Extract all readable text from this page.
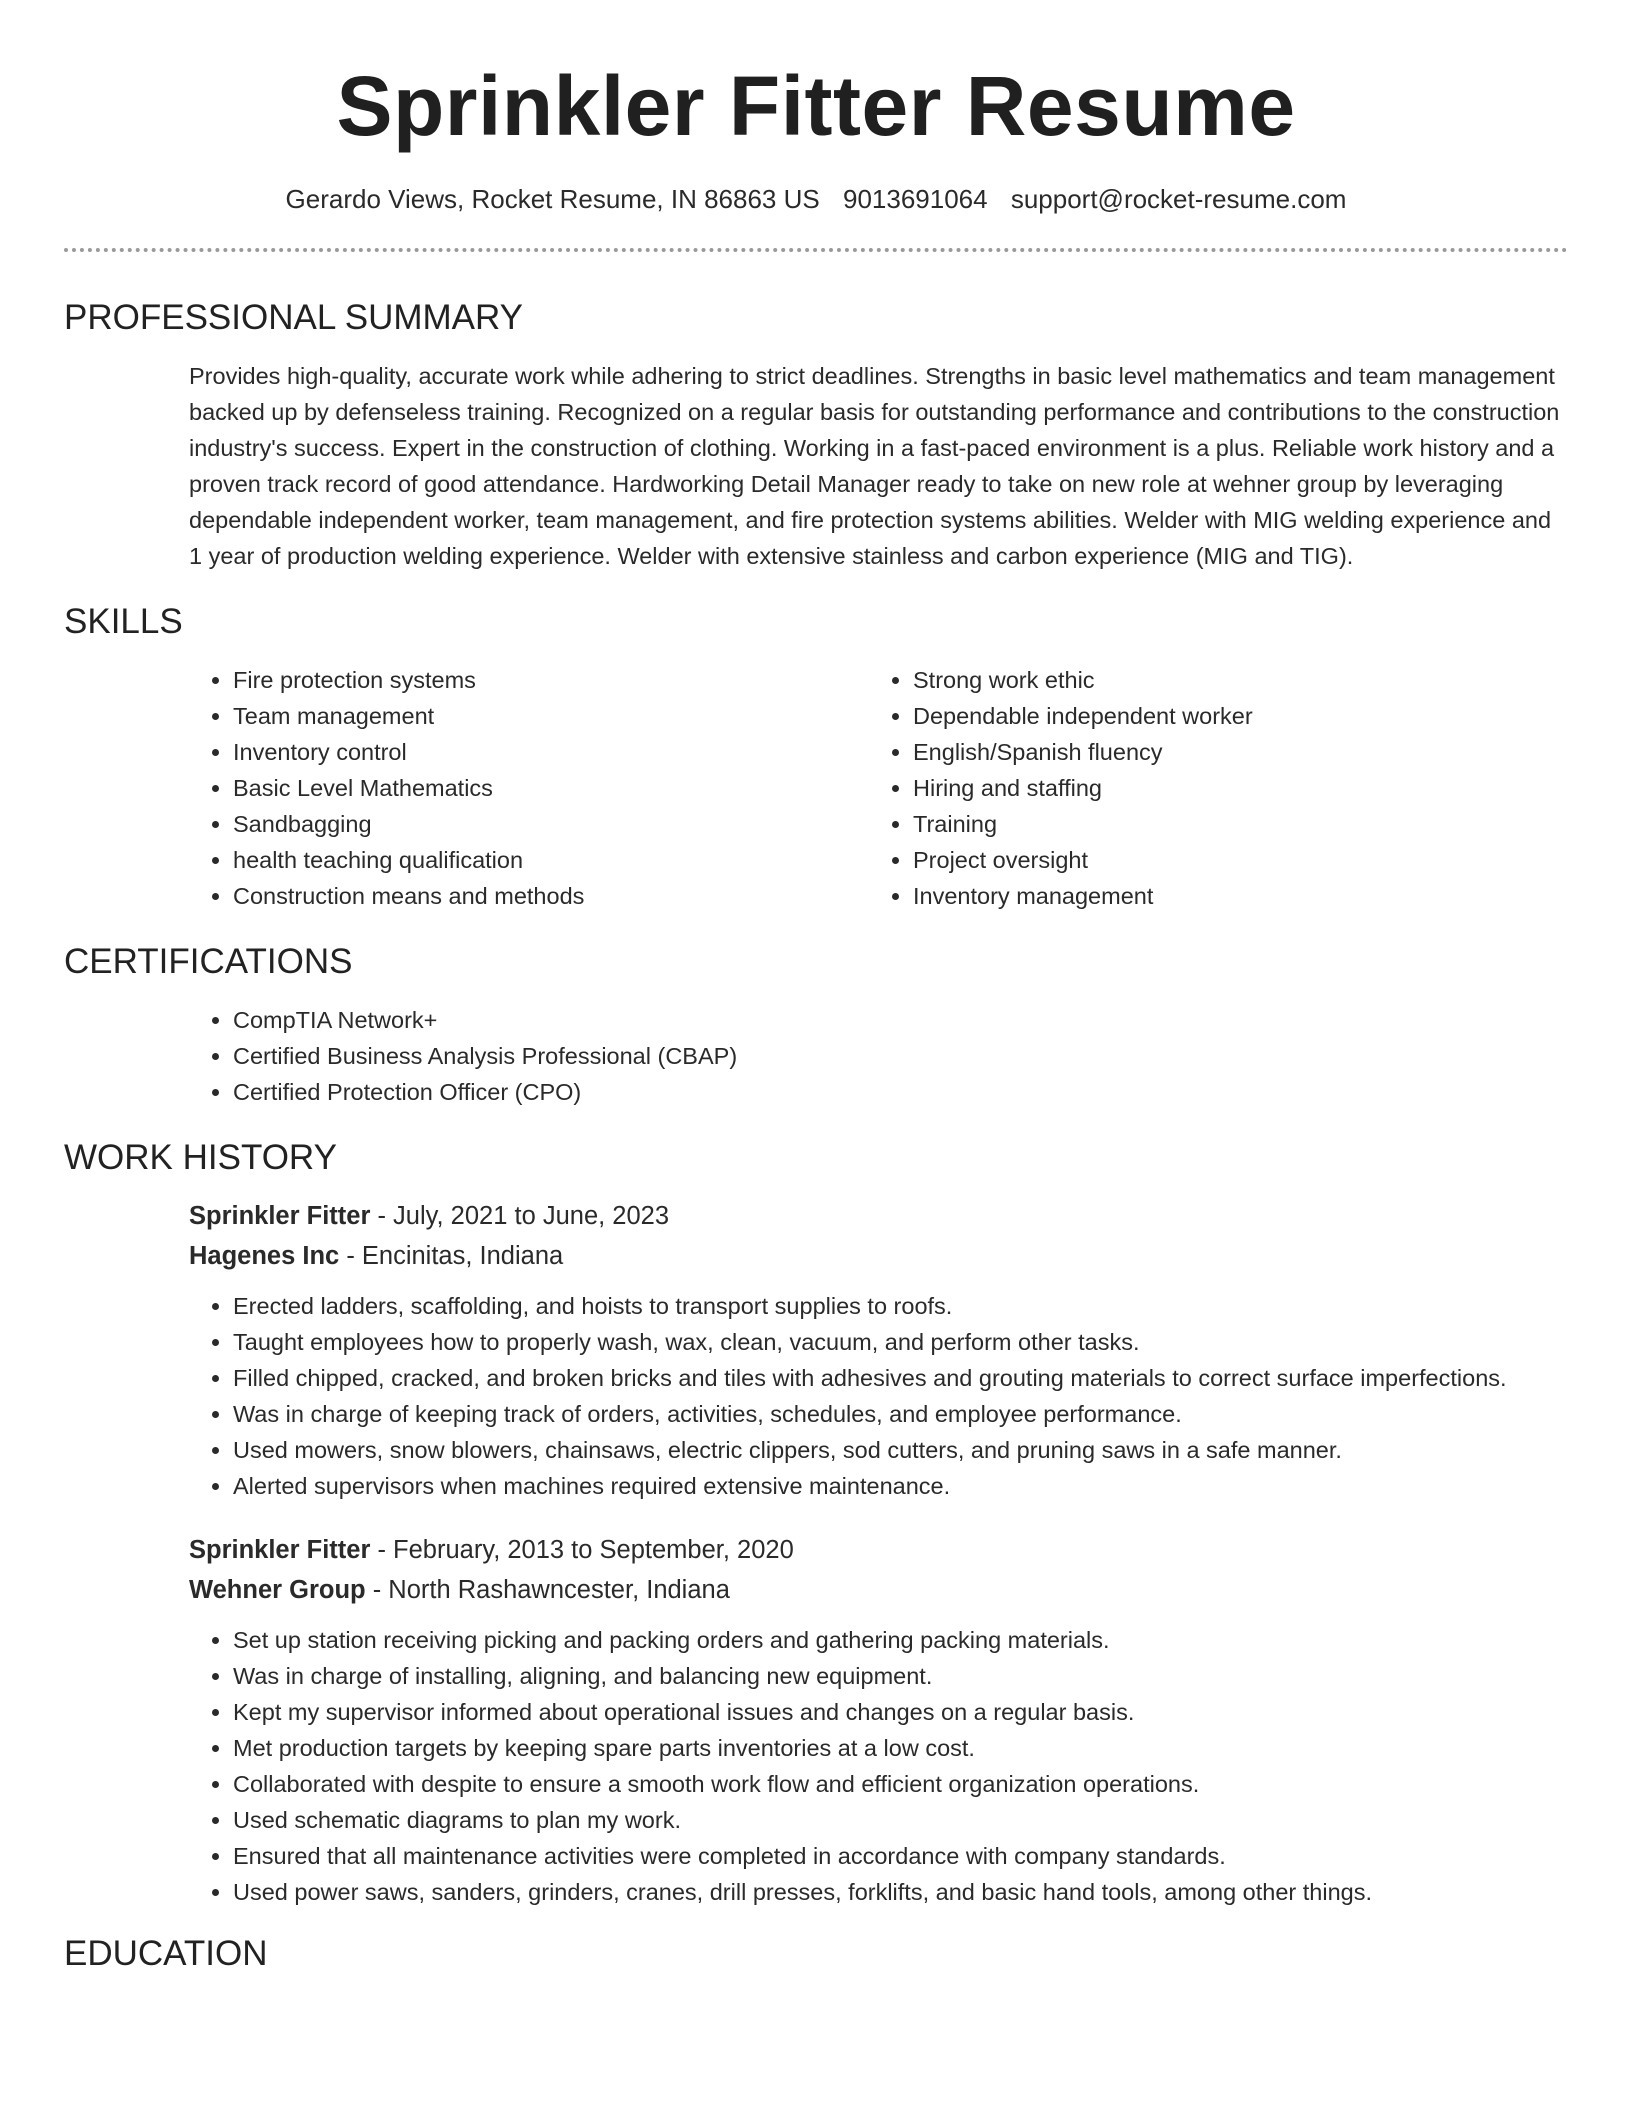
Sprinkler Fitter Resume
Gerardo Views, Rocket Resume, IN 86863 US 9013691064 support@rocket-resume.com
PROFESSIONAL SUMMARY
Provides high-quality, accurate work while adhering to strict deadlines. Strengths in basic level mathematics and team management backed up by defenseless training. Recognized on a regular basis for outstanding performance and contributions to the construction industry's success. Expert in the construction of clothing. Working in a fast-paced environment is a plus. Reliable work history and a proven track record of good attendance. Hardworking Detail Manager ready to take on new role at wehner group by leveraging dependable independent worker, team management, and fire protection systems abilities. Welder with MIG welding experience and 1 year of production welding experience. Welder with extensive stainless and carbon experience (MIG and TIG).
SKILLS
• Fire protection systems
• Team management
• Inventory control
• Basic Level Mathematics
• Sandbagging
• health teaching qualification
• Construction means and methods
• Strong work ethic
• Dependable independent worker
• English/Spanish fluency
• Hiring and staffing
• Training
• Project oversight
• Inventory management
CERTIFICATIONS
• CompTIA Network+
• Certified Business Analysis Professional (CBAP)
• Certified Protection Officer (CPO)
WORK HISTORY
Sprinkler Fitter - July, 2021 to June, 2023
Hagenes Inc - Encinitas, Indiana
• Erected ladders, scaffolding, and hoists to transport supplies to roofs.
• Taught employees how to properly wash, wax, clean, vacuum, and perform other tasks.
• Filled chipped, cracked, and broken bricks and tiles with adhesives and grouting materials to correct surface imperfections.
• Was in charge of keeping track of orders, activities, schedules, and employee performance.
• Used mowers, snow blowers, chainsaws, electric clippers, sod cutters, and pruning saws in a safe manner.
• Alerted supervisors when machines required extensive maintenance.
Sprinkler Fitter - February, 2013 to September, 2020
Wehner Group - North Rashawncester, Indiana
• Set up station receiving picking and packing orders and gathering packing materials.
• Was in charge of installing, aligning, and balancing new equipment.
• Kept my supervisor informed about operational issues and changes on a regular basis.
• Met production targets by keeping spare parts inventories at a low cost.
• Collaborated with despite to ensure a smooth work flow and efficient organization operations.
• Used schematic diagrams to plan my work.
• Ensured that all maintenance activities were completed in accordance with company standards.
• Used power saws, sanders, grinders, cranes, drill presses, forklifts, and basic hand tools, among other things.
EDUCATION
